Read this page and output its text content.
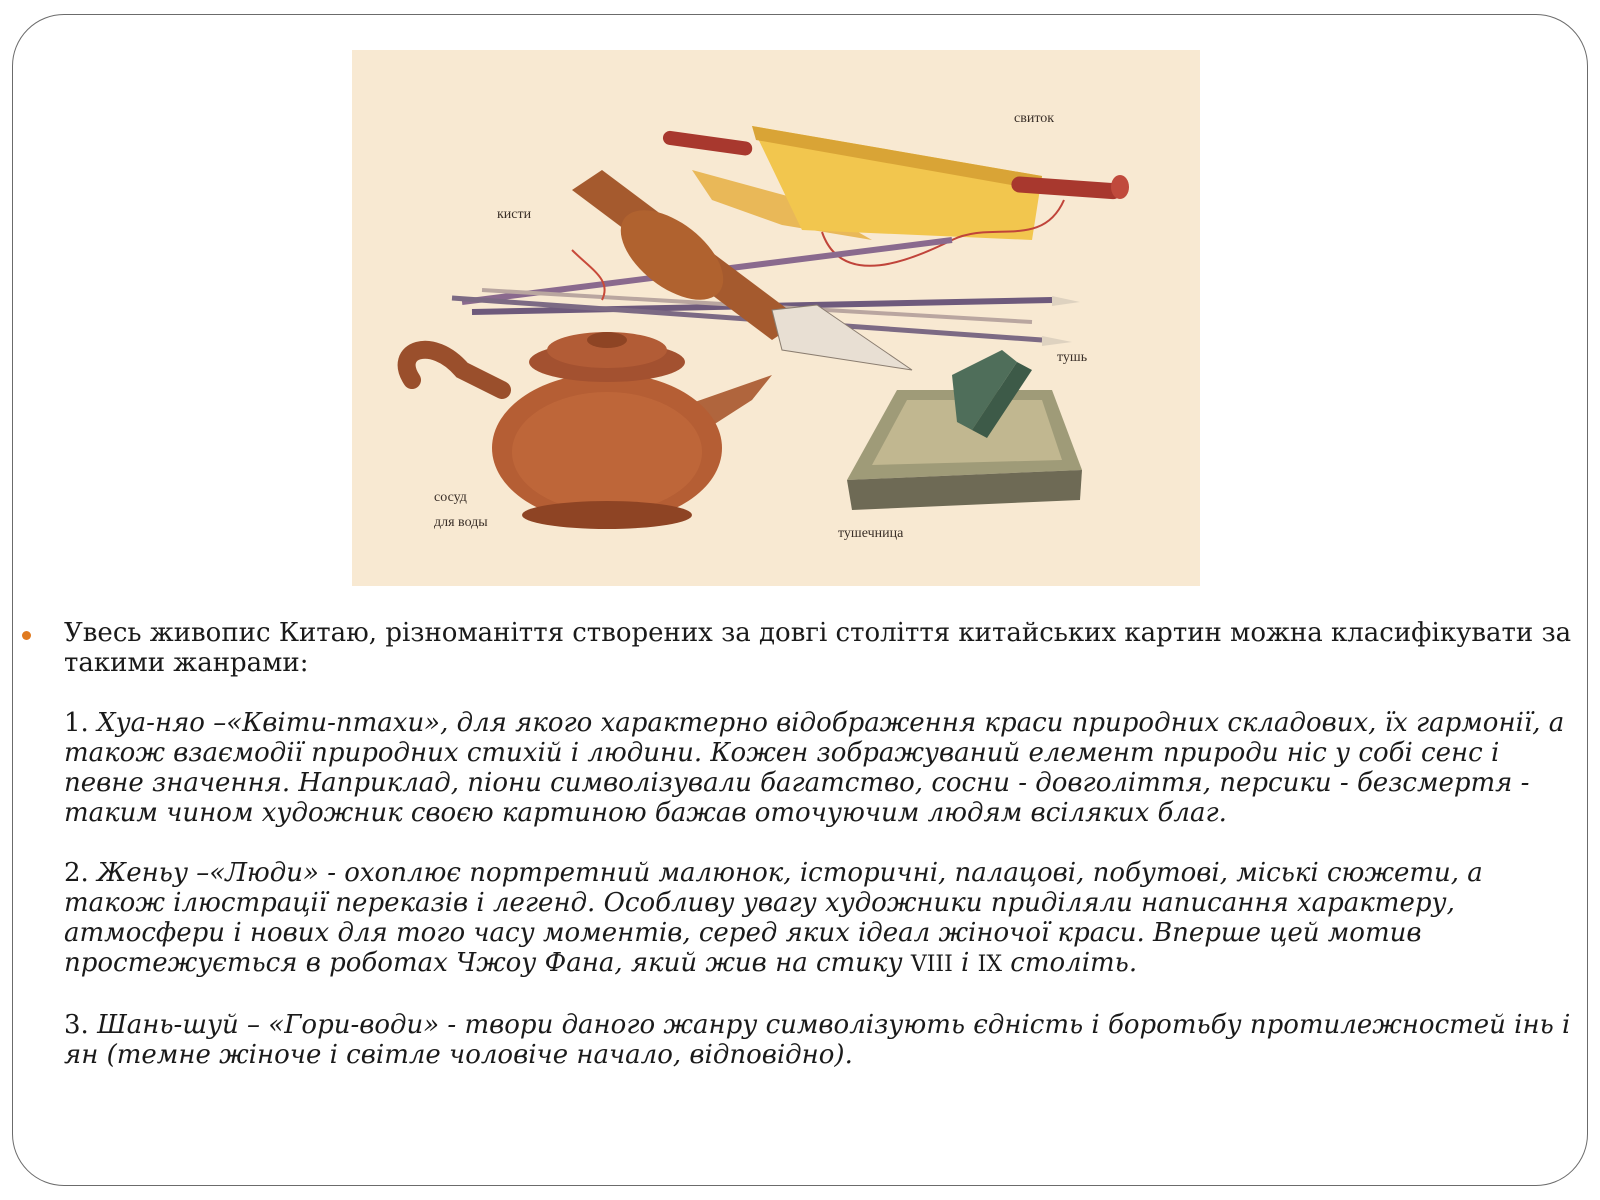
свиток
кисти
тушь
сосуд
для воды
тушечница

Увесь живопис Китаю, різноманіття створених за довгі століття китайських картин можна класифікувати за такими жанрами:

1. Хуа-няо –«Квіти-птахи», для якого характерно відображення краси природних складових, їх гармонії, а також взаємодії природних стихій і людини. Кожен зображуваний елемент природи ніс у собі сенс і певне значення. Наприклад, піони символізували багатство, сосни - довголіття, персики - безсмертя - таким чином художник своєю картиною бажав оточуючим людям всіляких благ.

2. Женьу –«Люди» - охоплює портретний малюнок, історичні, палацові, побутові, міські сюжети, а також ілюстрації переказів і легенд. Особливу увагу художники приділяли написання характеру, атмосфери і нових для того часу моментів, серед яких ідеал жіночої краси. Вперше цей мотив простежується в роботах Чжоу Фана, який жив на стику VIII і IX століть.

3. Шань-шуй – «Гори-води» - твори даного жанру символізують єдність і боротьбу протилежностей інь і ян (темне жіноче і світле чоловіче начало, відповідно).
